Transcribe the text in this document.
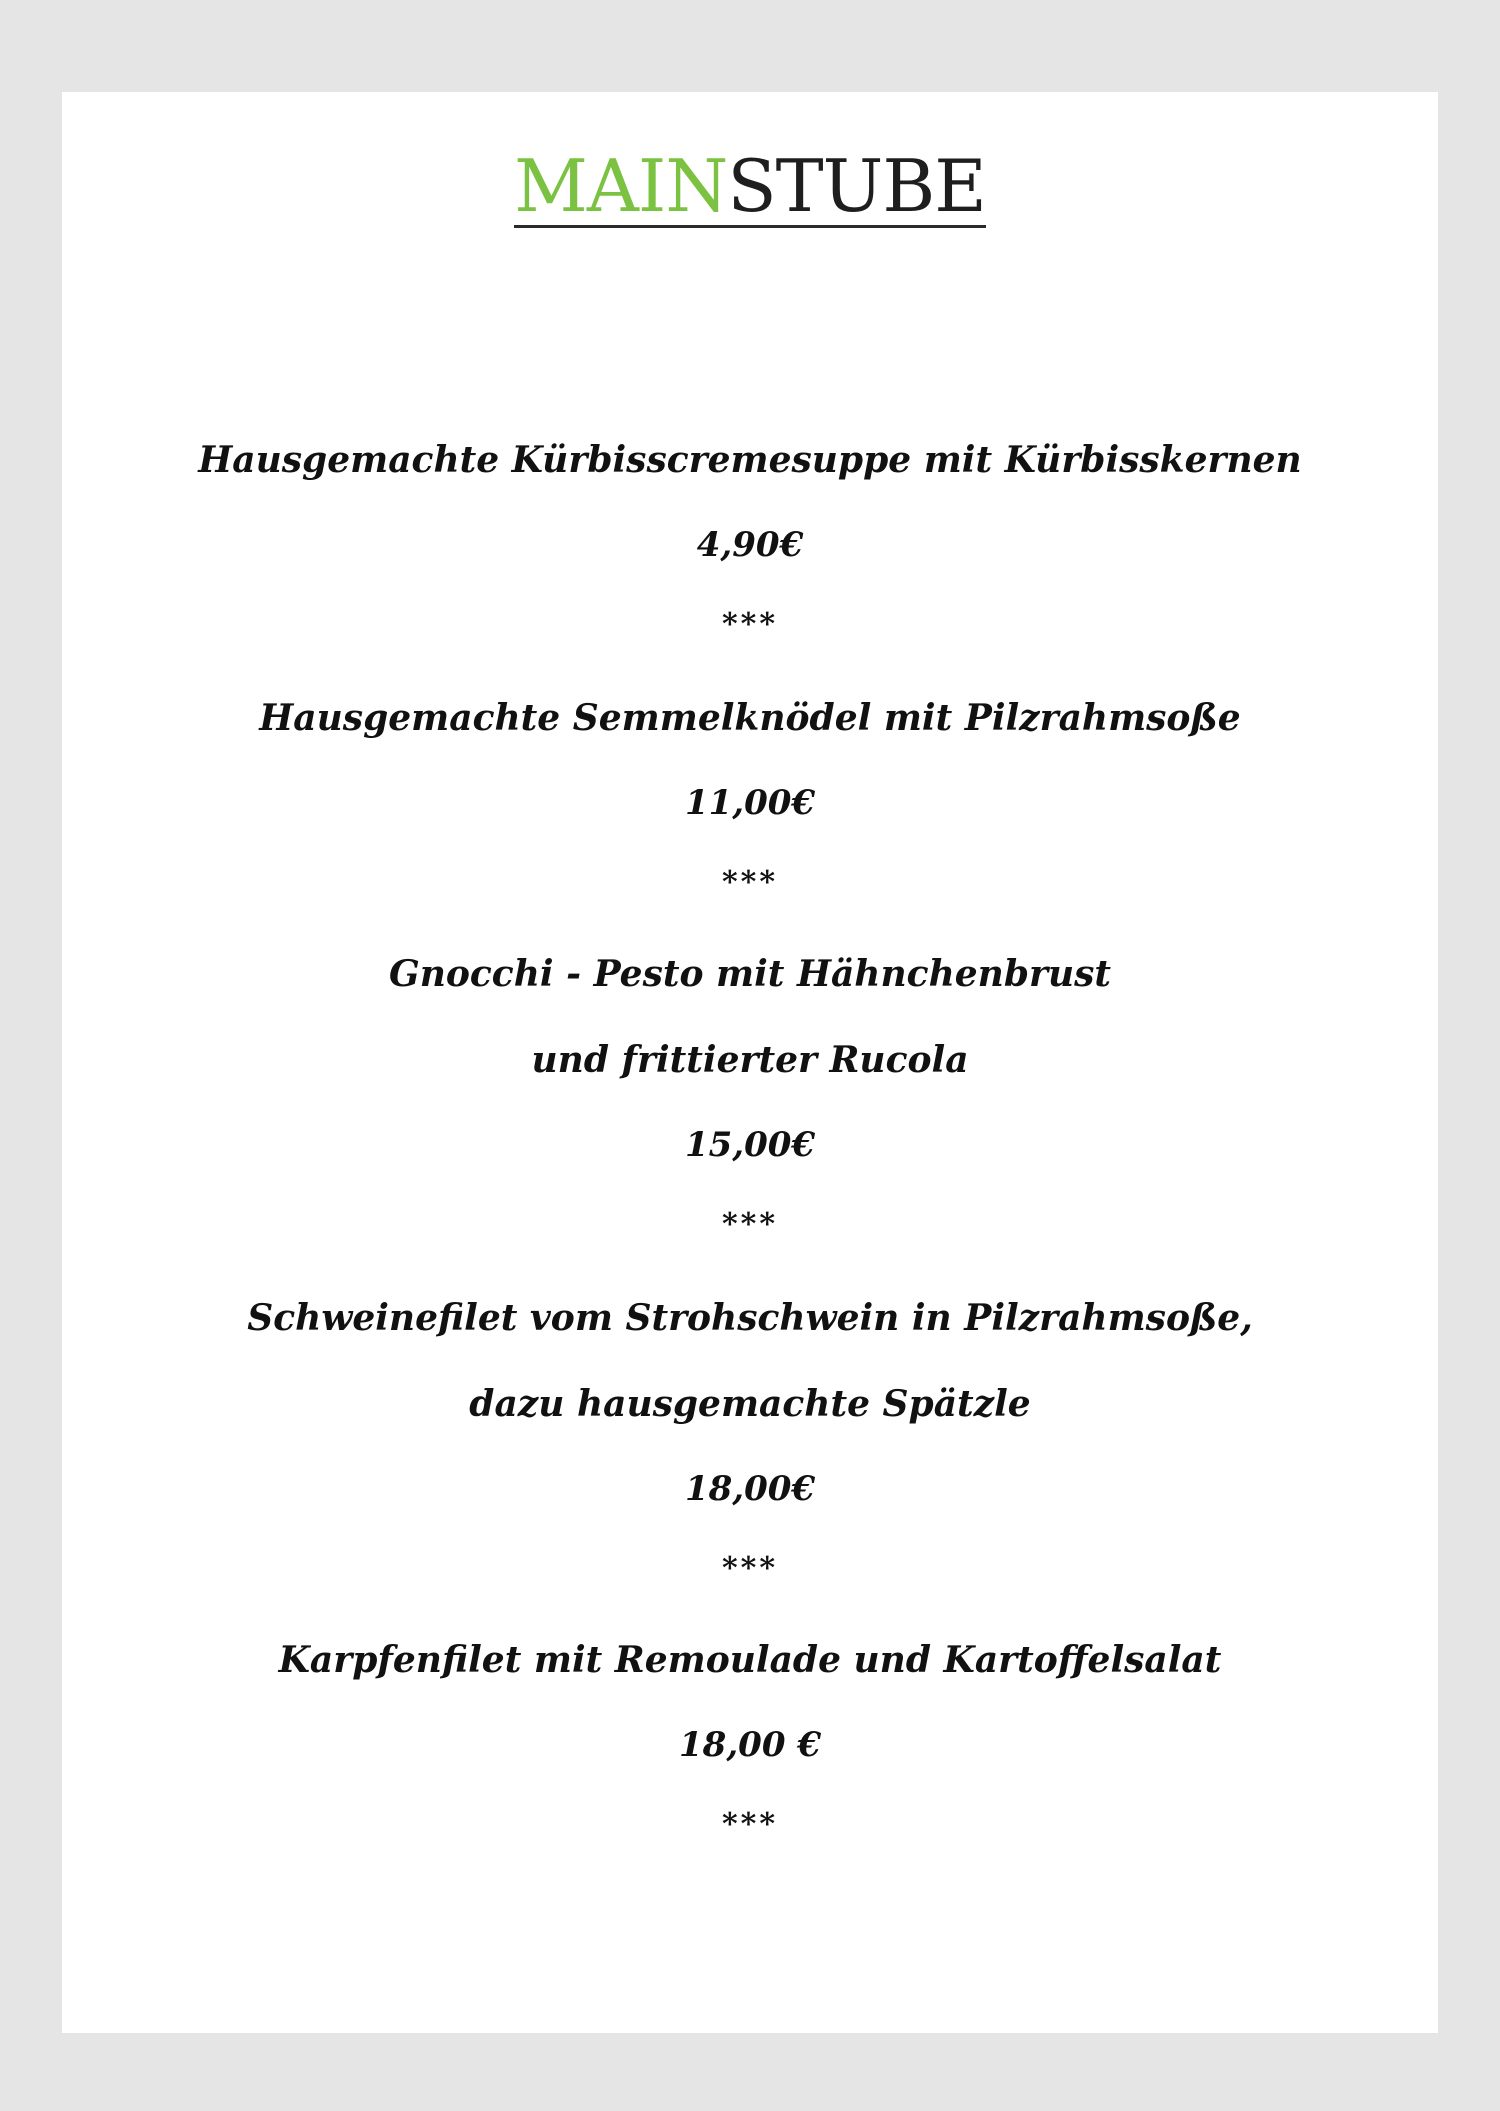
MAINSTUBE
Hausgemachte Kürbisscremesuppe mit Kürbisskernen
4,90€
***
Hausgemachte Semmelknödel mit Pilzrahmsoße
11,00€
***
Gnocchi - Pesto mit Hähnchenbrust
und frittierter Rucola
15,00€
***
Schweinefilet vom Strohschwein in Pilzrahmsoße,
dazu hausgemachte Spätzle
18,00€
***
Karpfenfilet mit Remoulade und Kartoffelsalat
18,00 €
***
